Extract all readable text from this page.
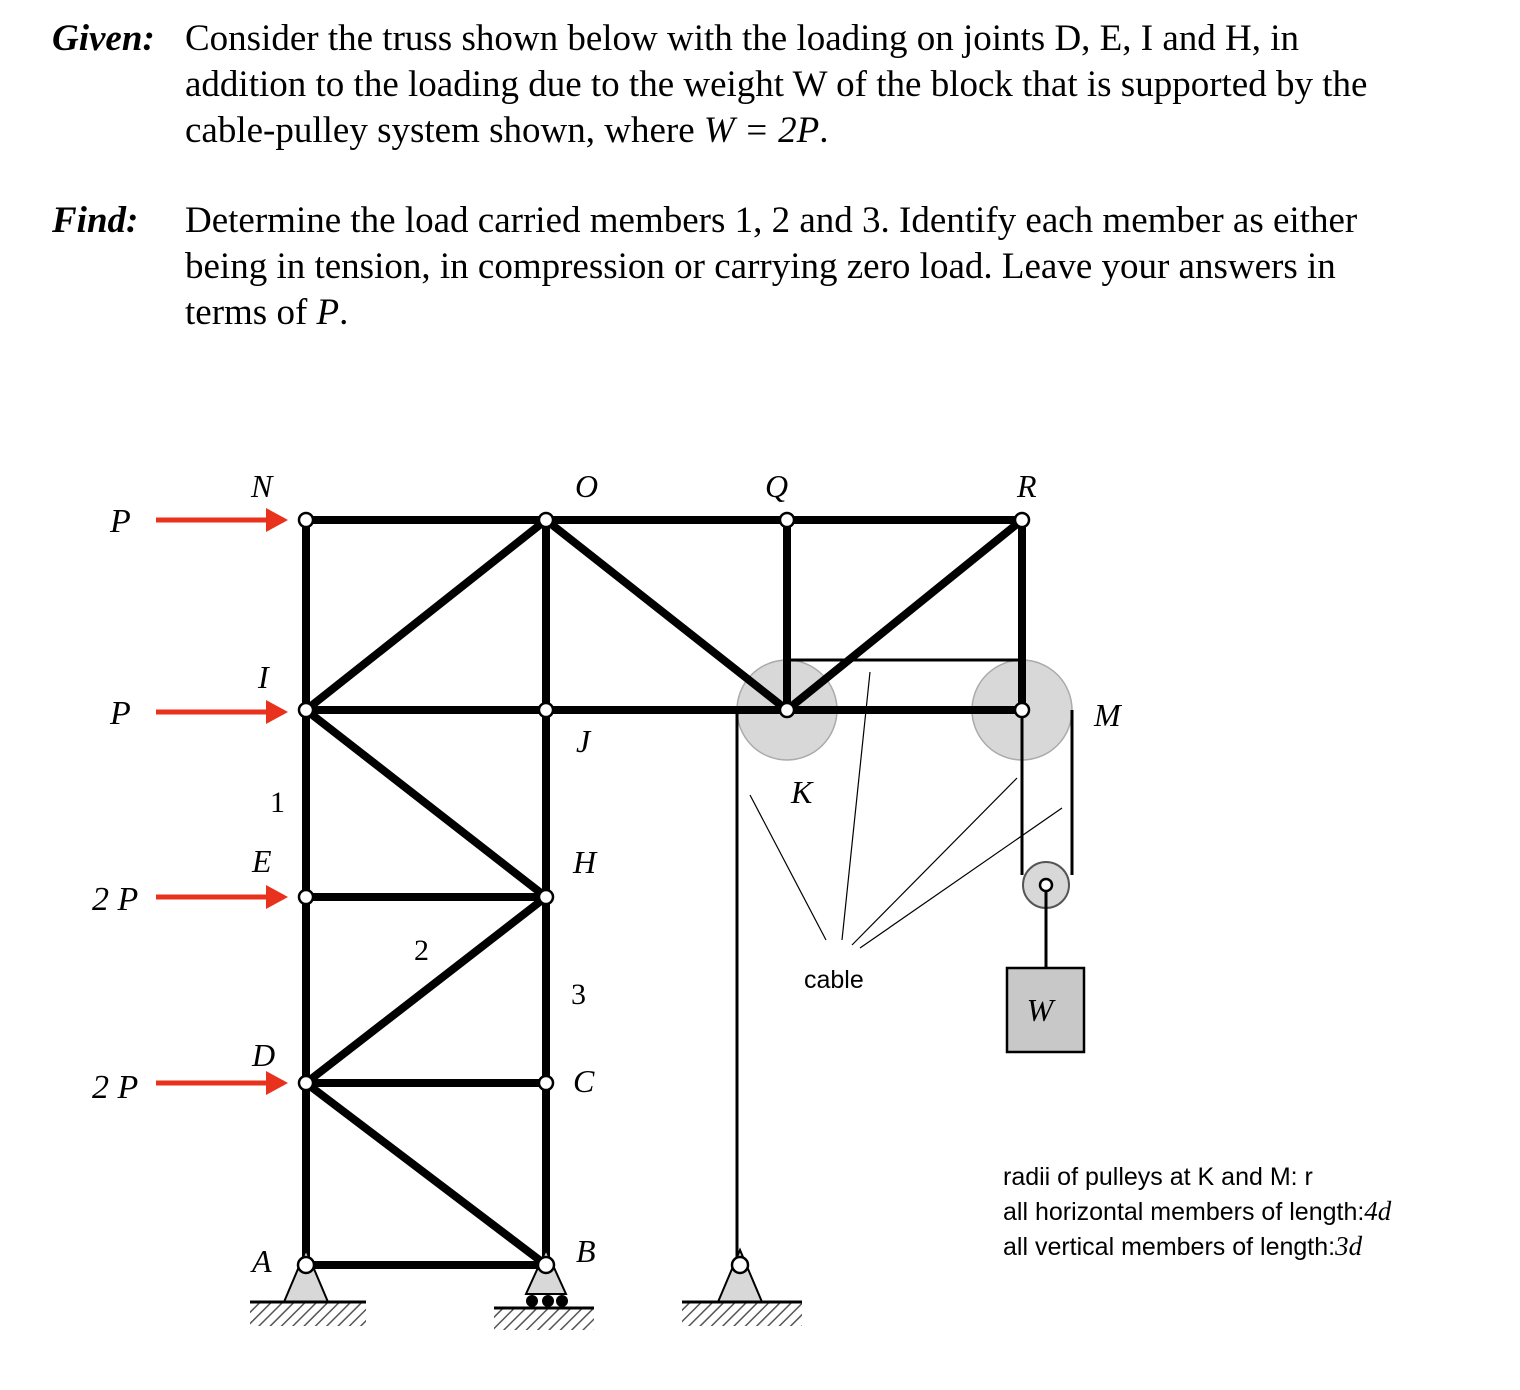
Given: Consider the truss shown below with the loading on joints D, E, I and H, in
addition to the loading due to the weight W of the block that is supported by the
cable-pulley system shown, where W = 2P.
Find: Determine the load carried members 1, 2 and 3. Identify each member as either
being in tension, in compression or carrying zero load. Leave your answers in
terms of P.
W
P
P
2 P
2 P
N	O	Q	R
I
J
K
M
E	H
D
C
A	B
1
2
3	cable
radii of pulleys at K and M: r
all horizontal members of length:4d
all vertical members of length:3d
